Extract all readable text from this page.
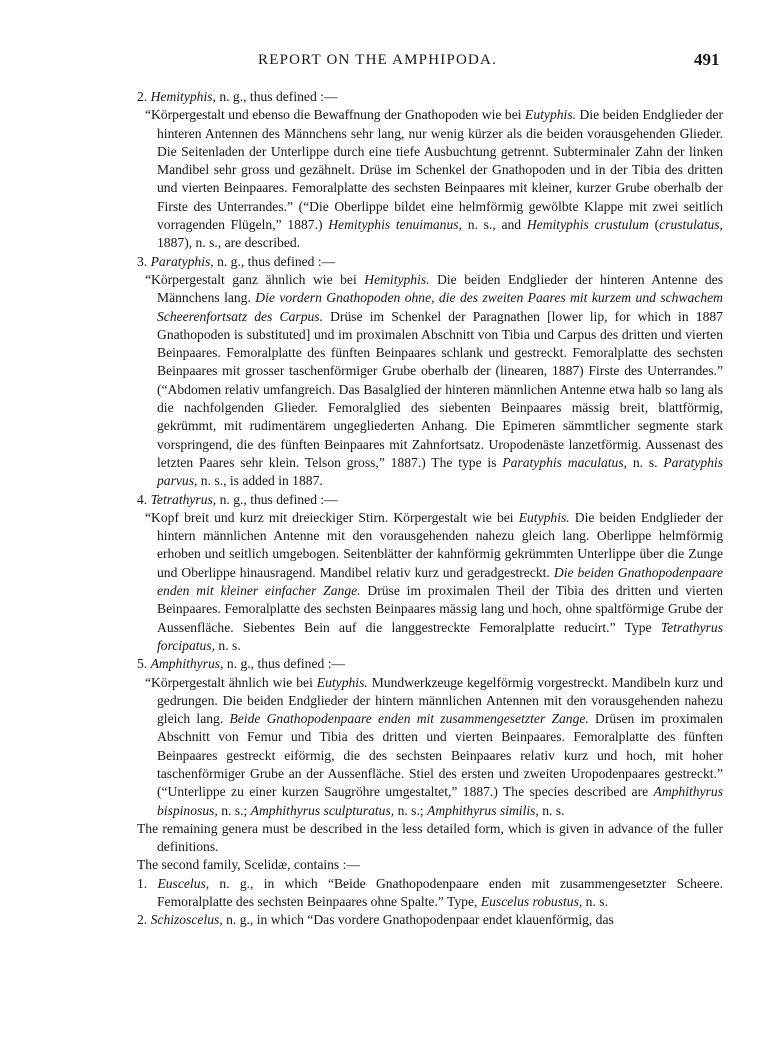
REPORT ON THE AMPHIPODA.	491

2. Hemityphis, n. g., thus defined :—

“Körpergestalt und ebenso die Bewaffnung der Gnathopoden wie bei Eutyphis. Die beiden Endglieder der hinteren Antennen des Männchens sehr lang, nur wenig kürzer als die beiden vorausgehenden Glieder. Die Seitenladen der Unterlippe durch eine tiefe Ausbuchtung getrennt. Subterminaler Zahn der linken Mandibel sehr gross und gezähnelt. Drüse im Schenkel der Gnathopoden und in der Tibia des dritten und vierten Beinpaares. Femoralplatte des sechsten Beinpaares mit kleiner, kurzer Grube oberhalb der Firste des Unterrandes.” (“Die Oberlippe bildet eine helmförmig gewölbte Klappe mit zwei seitlich vorragenden Flügeln,” 1887.) Hemityphis tenuimanus, n. s., and Hemityphis crustulum (crustulatus, 1887), n. s., are described.

3. Paratyphis, n. g., thus defined :—

“Körpergestalt ganz ähnlich wie bei Hemityphis. Die beiden Endglieder der hinteren Antenne des Männchens lang. Die vordern Gnathopoden ohne, die des zweiten Paares mit kurzem und schwachem Scheerenfortsatz des Carpus. Drüse im Schenkel der Paragnathen [lower lip, for which in 1887 Gnathopoden is substituted] und im proximalen Abschnitt von Tibia und Carpus des dritten und vierten Beinpaares. Femoralplatte des fünften Beinpaares schlank und gestreckt. Femoralplatte des sechsten Beinpaares mit grosser taschenförmiger Grube oberhalb der (linearen, 1887) Firste des Unterrandes.” (“Abdomen relativ umfangreich. Das Basalglied der hinteren männlichen Antenne etwa halb so lang als die nachfolgenden Glieder. Femoralglied des siebenten Beinpaares mässig breit, blattförmig, gekrümmt, mit rudimentärem ungegliederten Anhang. Die Epimeren sämmtlicher segmente stark vorspringend, die des fünften Beinpaares mit Zahnfortsatz. Uropodenäste lanzetförmig. Aussenast des letzten Paares sehr klein. Telson gross,” 1887.) The type is Paratyphis maculatus, n. s. Paratyphis parvus, n. s., is added in 1887.

4. Tetrathyrus, n. g., thus defined :—

“Kopf breit und kurz mit dreieckiger Stirn. Körpergestalt wie bei Eutyphis. Die beiden Endglieder der hintern männlichen Antenne mit den vorausgehenden nahezu gleich lang. Oberlippe helmförmig erhoben und seitlich umgebogen. Seitenblätter der kahnförmig gekrümmten Unterlippe über die Zunge und Oberlippe hinausragend. Mandibel relativ kurz und geradgestreckt. Die beiden Gnathopodenpaare enden mit kleiner einfacher Zange. Drüse im proximalen Theil der Tibia des dritten und vierten Beinpaares. Femoralplatte des sechsten Beinpaares mässig lang und hoch, ohne spaltförmige Grube der Aussenfläche. Siebentes Bein auf die langgestreckte Femoralplatte reducirt.” Type Tetrathyrus forcipatus, n. s.

5. Amphithyrus, n. g., thus defined :—

“Körpergestalt ähnlich wie bei Eutyphis. Mundwerkzeuge kegelförmig vorgestreckt. Mandibeln kurz und gedrungen. Die beiden Endglieder der hintern männlichen Antennen mit den vorausgehenden nahezu gleich lang. Beide Gnathopodenpaare enden mit zusammengesetzter Zange. Drüsen im proximalen Abschnitt von Femur und Tibia des dritten und vierten Beinpaares. Femoralplatte des fünften Beinpaares gestreckt eiförmig, die des sechsten Beinpaares relativ kurz und hoch, mit hoher taschenförmiger Grube an der Aussenfläche. Stiel des ersten und zweiten Uropodenpaares gestreckt.” (“Unterlippe zu einer kurzen Saugröhre umgestaltet,” 1887.) The species described are Amphithyrus bispinosus, n. s.; Amphithyrus sculpturatus, n. s.; Amphithyrus similis, n. s.

The remaining genera must be described in the less detailed form, which is given in advance of the fuller definitions.

The second family, Scelidæ, contains :—

1. Euscelus, n. g., in which “Beide Gnathopodenpaare enden mit zusammengesetzter Scheere. Femoralplatte des sechsten Beinpaares ohne Spalte.” Type, Euscelus robustus, n. s.

2. Schizoscelus, n. g., in which “Das vordere Gnathopodenpaar endet klauenförmig, das
